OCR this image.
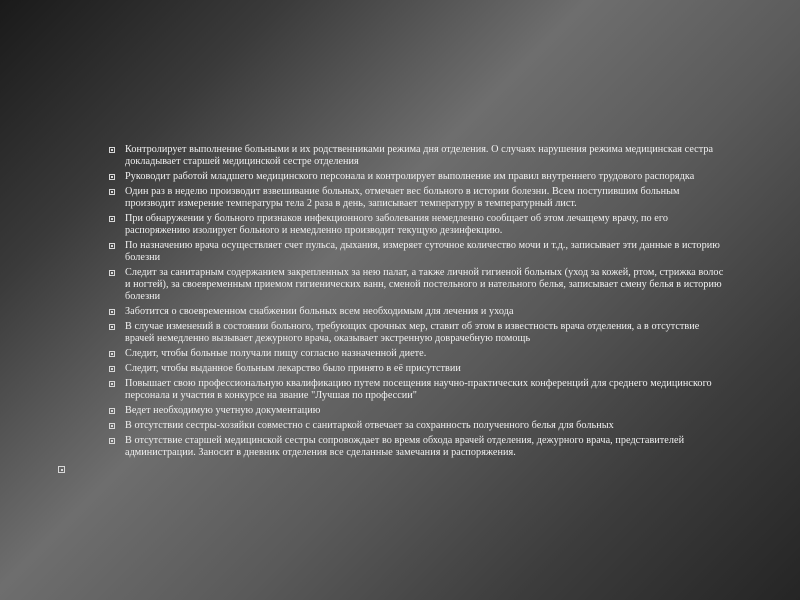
Контролирует выполнение больными и их родственниками режима дня отделения. О случаях нарушения режима медицинская сестра докладывает старшей медицинской сестре отделения
Руководит работой младшего медицинского персонала и контролирует выполнение им правил внутреннего трудового распорядка
Один раз в неделю производит взвешивание больных, отмечает вес больного в истории болезни. Всем поступившим больным производит измерение температуры тела 2 раза в день, записывает температуру в температурный лист.
При обнаружении у больного признаков инфекционного заболевания немедленно сообщает об этом лечащему врачу, по его распоряжению изолирует больного и немедленно производит текущую дезинфекцию.
По назначению врача осуществляет счет пульса, дыхания, измеряет суточное количество мочи и т.д., записывает эти данные в историю болезни
Следит за санитарным содержанием закрепленных за нею палат, а также личной гигиеной больных (уход за кожей, ртом, стрижка волос и ногтей), за своевременным приемом гигиенических ванн, сменой постельного и нательного белья, записывает смену белья в историю болезни
Заботится о своевременном снабжении больных всем необходимым для лечения и ухода
В случае изменений в состоянии больного, требующих срочных мер, ставит об этом в известность врача отделения, а в отсутствие врачей немедленно вызывает дежурного врача, оказывает экстренную доврачебную помощь
Следит, чтобы больные получали пищу согласно назначенной диете.
Следит, чтобы выданное больным лекарство было принято в её присутствии
Повышает свою профессиональную квалификацию путем посещения научно-практических конференций для среднего медицинского персонала и участия в конкурсе на звание "Лучшая по профессии"
Ведет необходимую учетную документацию
В отсутствии сестры-хозяйки совместно с санитаркой отвечает за сохранность полученного белья для больных
В отсутствие старшей медицинской сестры сопровождает во время обхода врачей отделения, дежурного врача, представителей администрации. Заносит в дневник отделения все сделанные замечания и распоряжения.
